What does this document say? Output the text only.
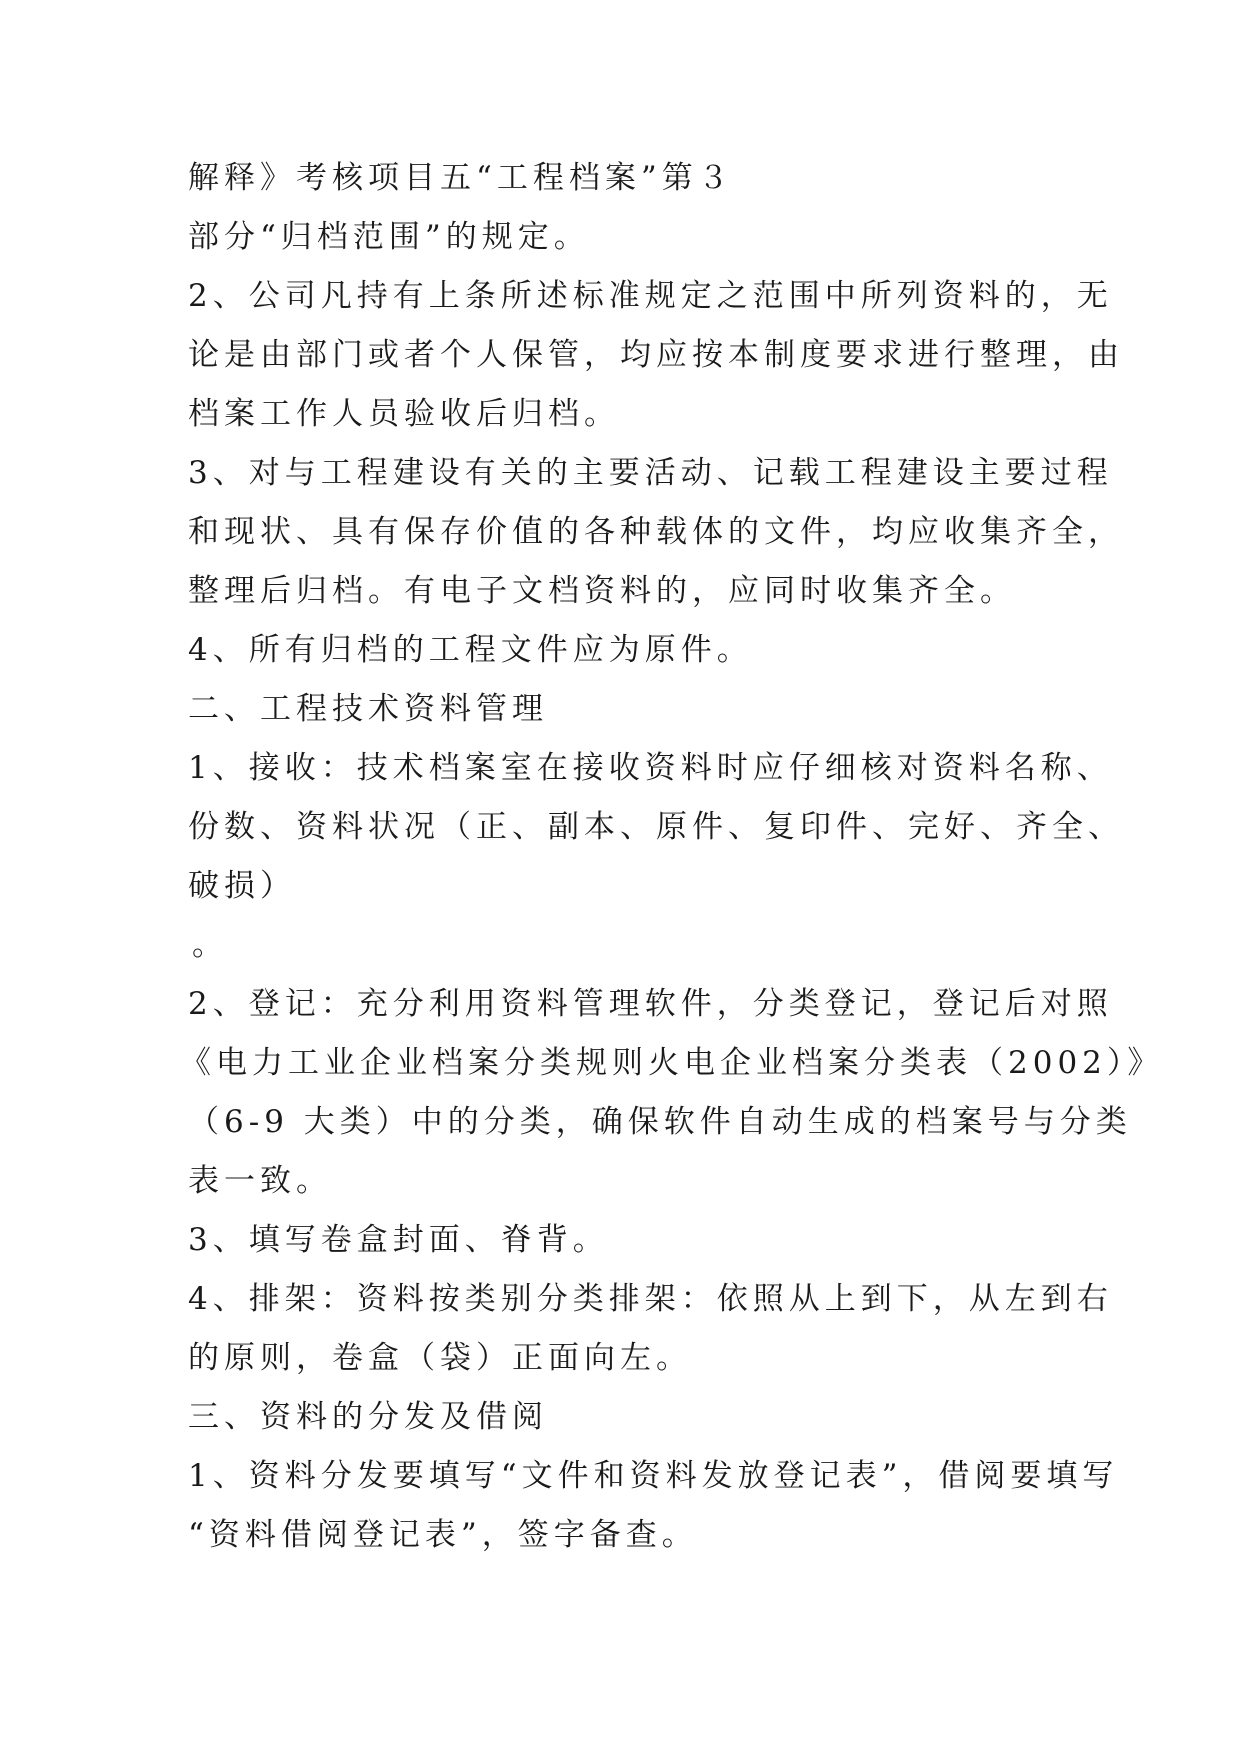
解释》考核项目五“工程档案”第３
部分“归档范围”的规定。
2、公司凡持有上条所述标准规定之范围中所列资料的，无
论是由部门或者个人保管，均应按本制度要求进行整理，由
档案工作人员验收后归档。
3、对与工程建设有关的主要活动、记载工程建设主要过程
和现状、具有保存价值的各种载体的文件，均应收集齐全，
整理后归档。有电子文档资料的，应同时收集齐全。
4、所有归档的工程文件应为原件。
二、工程技术资料管理
1、接收：技术档案室在接收资料时应仔细核对资料名称、
份数、资料状况（正、副本、原件、复印件、完好、齐全、
破损）
。
2、登记：充分利用资料管理软件，分类登记，登记后对照
《电力工业企业档案分类规则火电企业档案分类表（2002）》
（6-9 大类）中的分类，确保软件自动生成的档案号与分类
表一致。
3、填写卷盒封面、脊背。
4、排架：资料按类别分类排架：依照从上到下，从左到右
的原则，卷盒（袋）正面向左。
三、资料的分发及借阅
1、资料分发要填写“文件和资料发放登记表”，借阅要填写
“资料借阅登记表”，签字备查。
